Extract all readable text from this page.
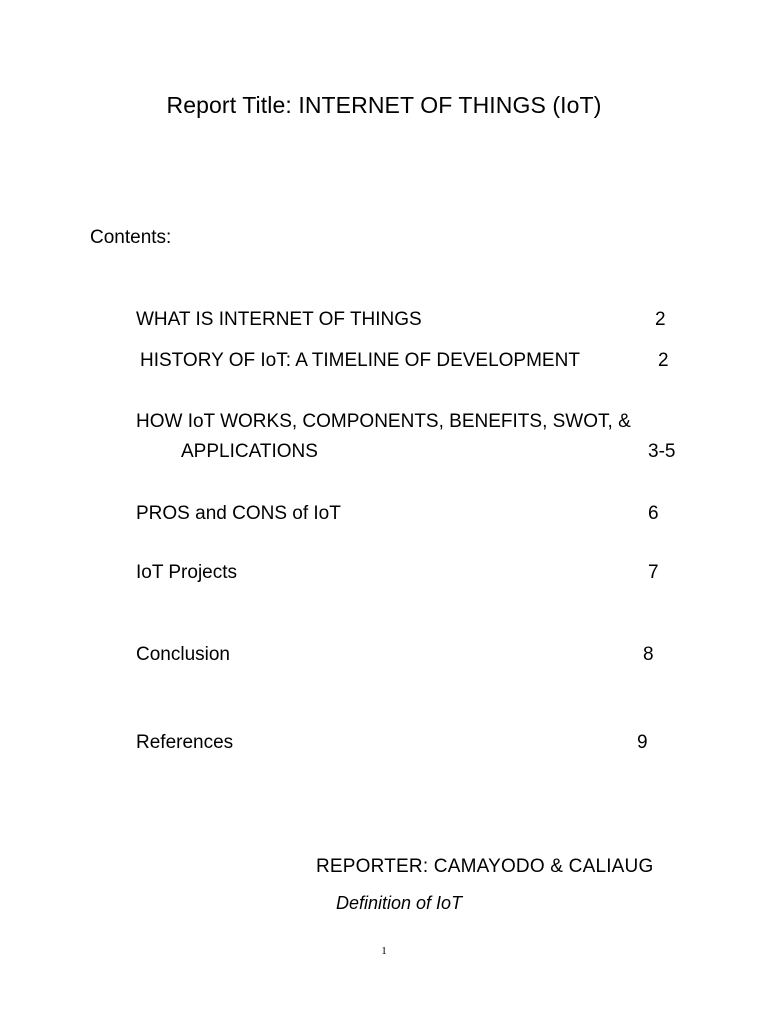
Report Title: INTERNET OF THINGS (IoT)
Contents:
WHAT IS INTERNET OF THINGS	2
HISTORY OF IoT: A TIMELINE OF DEVELOPMENT	2
HOW IoT WORKS, COMPONENTS, BENEFITS, SWOT, &
APPLICATIONS	3-5
PROS and CONS of IoT	6
IoT Projects	7
Conclusion	8
References	9
REPORTER: CAMAYODO & CALIAUG
Definition of IoT
1
